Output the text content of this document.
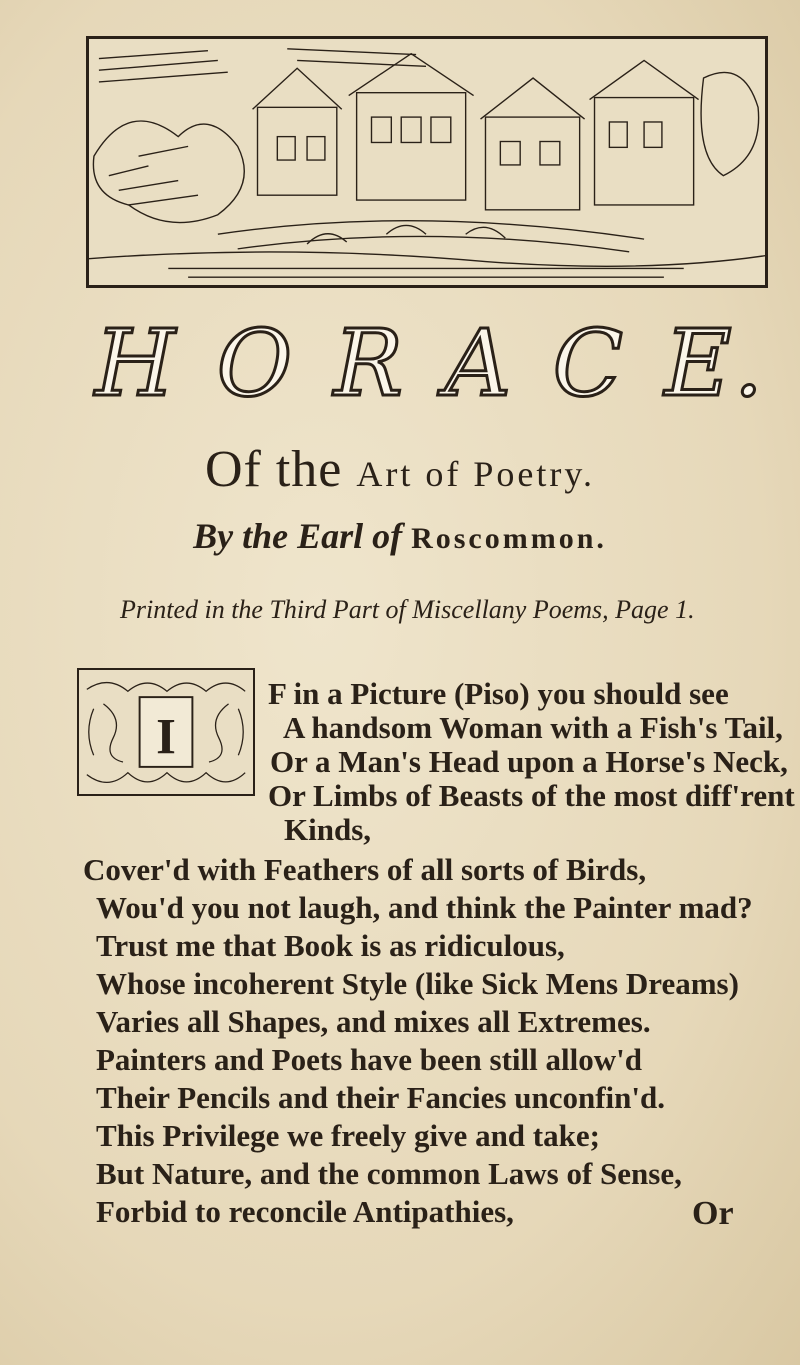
H O R A C E.
Of the Art of Poetry.
By the Earl of Roscommon.
Printed in the Third Part of Miscellany Poems, Page 1.
I
F in a Picture (Piso) you should see
A handsom Woman with a Fish's Tail,
Or a Man's Head upon a Horse's Neck,
Or Limbs of Beasts of the most diff'rent
Kinds,
Cover'd with Feathers of all sorts of Birds,
Wou'd you not laugh, and think the Painter mad?
Trust me that Book is as ridiculous,
Whose incoherent Style (like Sick Mens Dreams)
Varies all Shapes, and mixes all Extremes.
Painters and Poets have been still allow'd
Their Pencils and their Fancies unconfin'd.
This Privilege we freely give and take;
But Nature, and the common Laws of Sense,
Forbid to reconcile Antipathies,	Or
